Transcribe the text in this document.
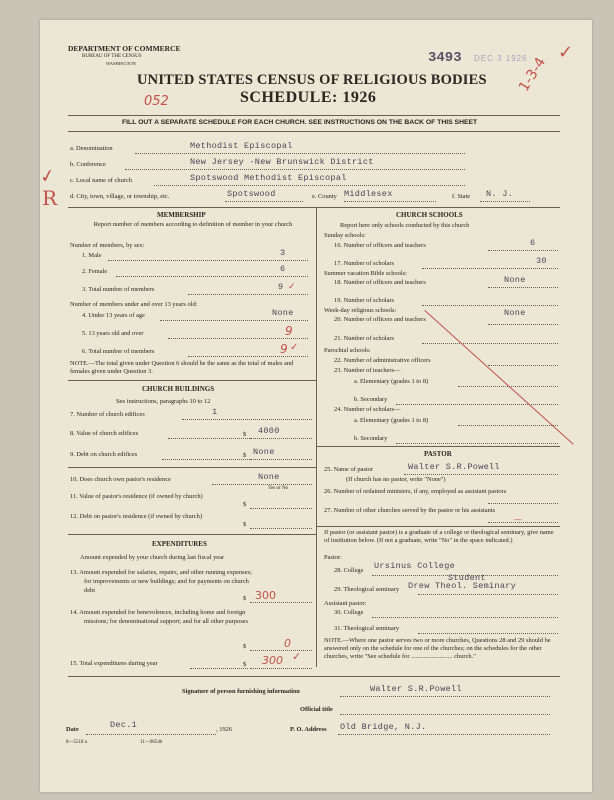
DEPARTMENT OF COMMERCE
BUREAU OF THE CENSUS
WASHINGTON	3493 DEC 3 1926
UNITED STATES CENSUS OF RELIGIOUS BODIES
SCHEDULE: 1926
052
1-3-4
✓
FILL OUT A SEPARATE SCHEDULE FOR EACH CHURCH. SEE INSTRUCTIONS ON THE BACK OF THIS SHEET
a. Denomination	Methodist Episcopal
b. Conference	New Jersey -New Brunswick District
c. Local name of church	Spotswood Methodist Episcopal
d. City, town, village, or township, etc.	Spotswood	e. County Middlesex	f. State N. J.
✓
R
MEMBERSHIP
Report number of members according to definition of member in your church
Number of members, by sex:
1. Male	3
2. Female	6
3. Total number of members	9 ✓
Number of members under and over 13 years old:
4. Under 13 years of age	None
5. 13 years old and over	9
6. Total number of members	9 ✓
NOTE.—The total given under Question 6 should be the same as the total of males and females given under Question 3.
CHURCH BUILDINGS
See instructions, paragraphs 10 to 12
7. Number of church edifices	1
8. Value of church edifices	$ 4000
9. Debt on church edifices	$ None
10. Does church own pastor's residence	None
Yes or No
11. Value of pastor's residence (if owned by church)
$
12. Debt on pastor's residence (if owned by church)
$
EXPENDITURES
Amount expended by your church during last fiscal year
13. Amount expended for salaries, repairs, and other running expenses; for improvements or new buildings; and for payments on church debt
$ 300
14. Amount expended for benevolences, including home and foreign missions; for denominational support; and for all other purposes
$	0
15. Total expenditures during year	$ 300 ✓
CHURCH SCHOOLS
Report here only schools conducted by this church
Sunday schools:
16. Number of officers and teachers	6
17. Number of scholars	30
Summer vacation Bible schools:
18. Number of officers and teachers	None
19. Number of scholars
Week-day religious schools:
20. Number of officers and teachers
None
21. Number of scholars
Parochial schools:
22. Number of administrative officers
23. Number of teachers—
a. Elementary (grades 1 to 8)
b. Secondary
24. Number of scholars—
a. Elementary (grades 1 to 8)
b. Secondary
PASTOR
25. Name of pastor	Walter S.R.Powell
(If church has no pastor, write "None")
26. Number of ordained ministers, if any, employed as assistant pastors
27. Number of other churches served by the pastor or his assistants
—
If pastor (or assistant pastor) is a graduate of a college or theological seminary, give name of institution below. (If not a graduate, write "No" in the space indicated.)
Pastor:
28. College Ursinus College
29. Theological seminary
Student
Drew Theol. Seminary
Assistant pastor:
30. College
31. Theological seminary
NOTE.—Where one pastor serves two or more churches, Questions 28 and 29 should be answered only on the schedule for one of the churches; on the schedules for the other churches, write "See schedule for .......................... church."
Signature of person furnishing information	Walter S.R.Powell
Official title
Date	Dec.1	, 1926	P. O. Address Old Bridge, N.J.
8—5518 a	11—9054b
